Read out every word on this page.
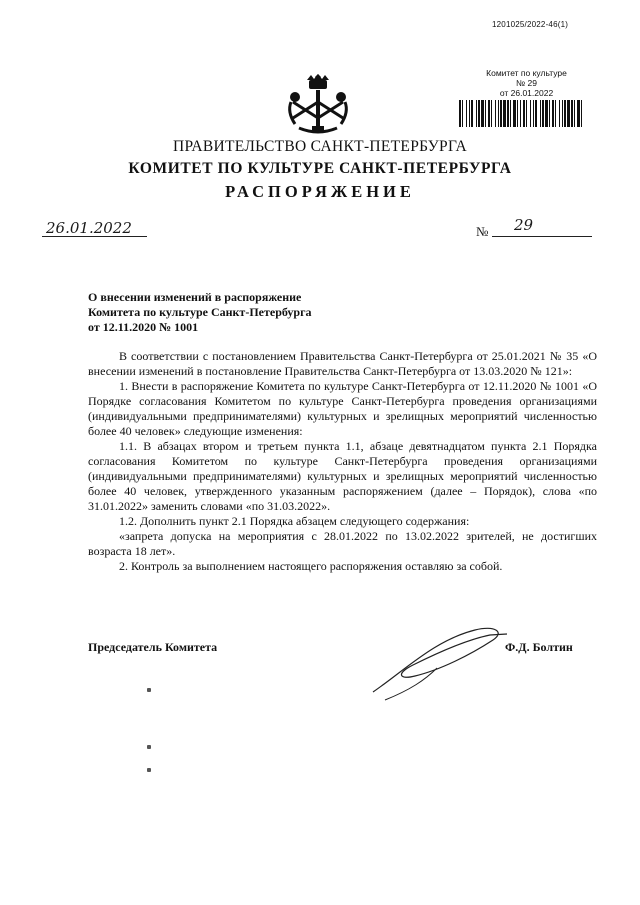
1201025/2022-46(1)
Комитет по культуре
№ 29
от 26.01.2022
ПРАВИТЕЛЬСТВО САНКТ-ПЕТЕРБУРГА
КОМИТЕТ ПО КУЛЬТУРЕ САНКТ-ПЕТЕРБУРГА
РАСПОРЯЖЕНИЕ
26.01.2022	№ 29
О внесении изменений в распоряжение
Комитета по культуре Санкт-Петербурга
от 12.11.2020 № 1001

В соответствии с постановлением Правительства Санкт-Петербурга от 25.01.2021 № 35 «О внесении изменений в постановление Правительства Санкт-Петербурга от 13.03.2020 № 121»:

1. Внести в распоряжение Комитета по культуре Санкт-Петербурга от 12.11.2020 № 1001 «О Порядке согласования Комитетом по культуре Санкт-Петербурга проведения организациями (индивидуальными предпринимателями) культурных и зрелищных мероприятий численностью более 40 человек» следующие изменения:

1.1. В абзацах втором и третьем пункта 1.1, абзаце девятнадцатом пункта 2.1 Порядка согласования Комитетом по культуре Санкт-Петербурга проведения организациями (индивидуальными предпринимателями) культурных и зрелищных мероприятий численностью более 40 человек, утвержденного указанным распоряжением (далее – Порядок), слова «по 31.01.2022» заменить словами «по 31.03.2022».

1.2. Дополнить пункт 2.1 Порядка абзацем следующего содержания:

«запрета допуска на мероприятия с 28.01.2022 по 13.02.2022 зрителей, не достигших возраста 18 лет».

2. Контроль за выполнением настоящего распоряжения оставляю за собой.

Председатель Комитета	Ф.Д. Болтин
